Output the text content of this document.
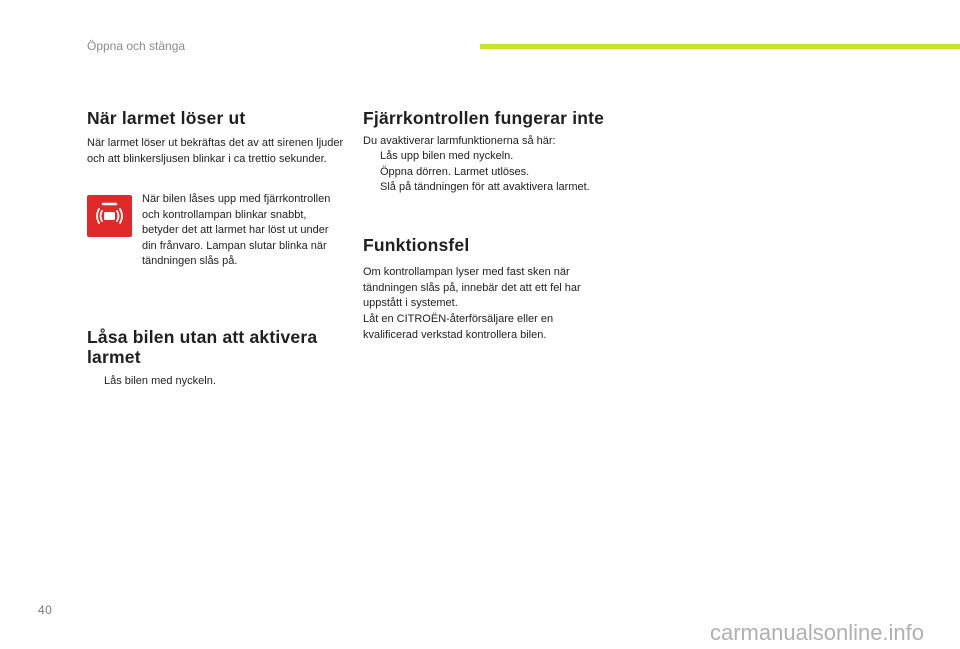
Öppna och stänga
När larmet löser ut

När larmet löser ut bekräftas det av att sirenen ljuder och att blinkersljusen blinkar i ca trettio sekunder.

När bilen låses upp med fjärrkontrollen och kontrollampan blinkar snabbt, betyder det att larmet har löst ut under din frånvaro. Lampan slutar blinka när tändningen slås på.

Låsa bilen utan att aktivera larmet
Lås bilen med nyckeln.
Fjärrkontrollen fungerar inte

Du avaktiverar larmfunktionerna så här:

Lås upp bilen med nyckeln.
Öppna dörren. Larmet utlöses.
Slå på tändningen för att avaktivera larmet.
Funktionsfel

Om kontrollampan lyser med fast sken när tändningen slås på, innebär det att ett fel har uppstått i systemet.

Låt en CITROËN-återförsäljare eller en kvalificerad verkstad kontrollera bilen.

40
carmanualsonline.info
